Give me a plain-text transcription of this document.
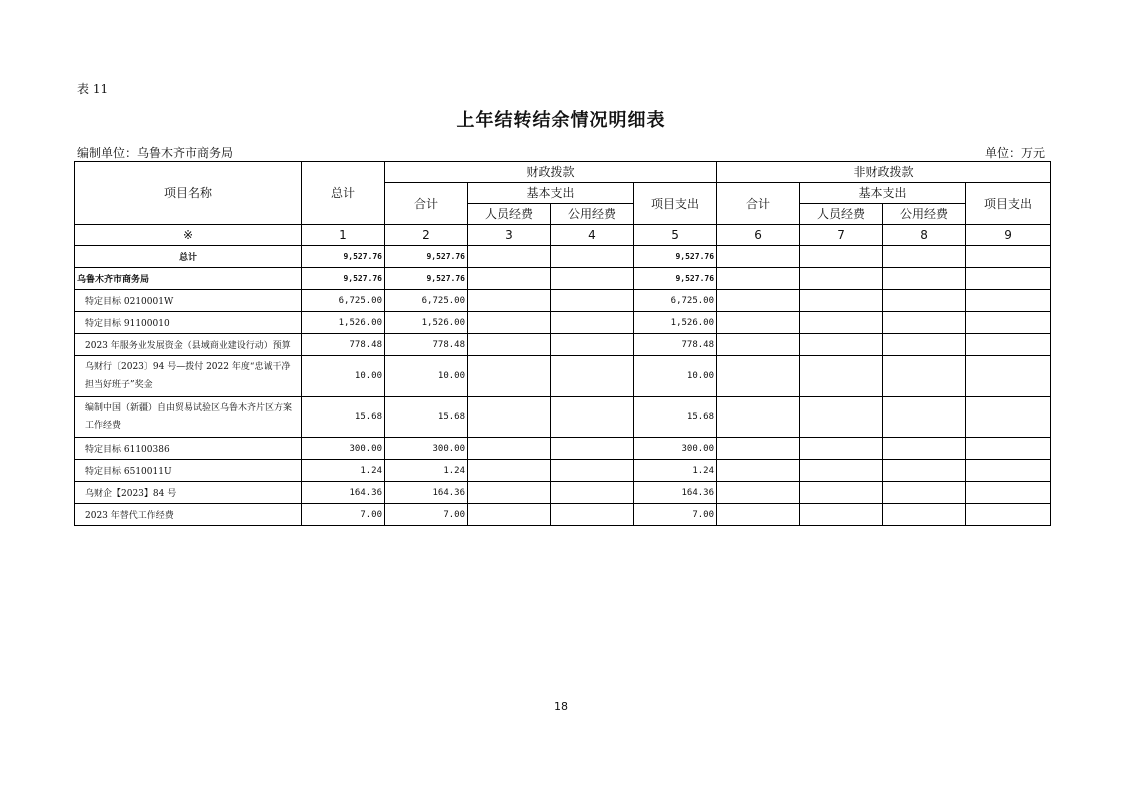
表 11
上年结转结余情况明细表
编制单位：乌鲁木齐市商务局	单位：万元
项目名称	总计	财政拨款				非财政拨款			
		合计	基本支出		项目支出	合计	基本支出		项目支出
			人员经费	公用经费			人员经费	公用经费	
※	1	2	3	4	5	6	7	8	9
总计	9,527.76	9,527.76			9,527.76				
乌鲁木齐市商务局	9,527.76	9,527.76			9,527.76				
特定目标 0210001W	6,725.00	6,725.00			6,725.00				
特定目标 91100010	1,526.00	1,526.00			1,526.00				
2023 年服务业发展资金（县域商业建设行动）预算	778.48	778.48			778.48				
乌财行〔2023〕94 号—拨付 2022 年度“忠诚干净担当好班子”奖金	10.00	10.00			10.00				
编制中国（新疆）自由贸易试验区乌鲁木齐片区方案工作经费	15.68	15.68			15.68				
特定目标 61100386	300.00	300.00			300.00				
特定目标 6510011U	1.24	1.24			1.24				
乌财企【2023】84 号	164.36	164.36			164.36				
2023 年替代工作经费	7.00	7.00			7.00				
18
